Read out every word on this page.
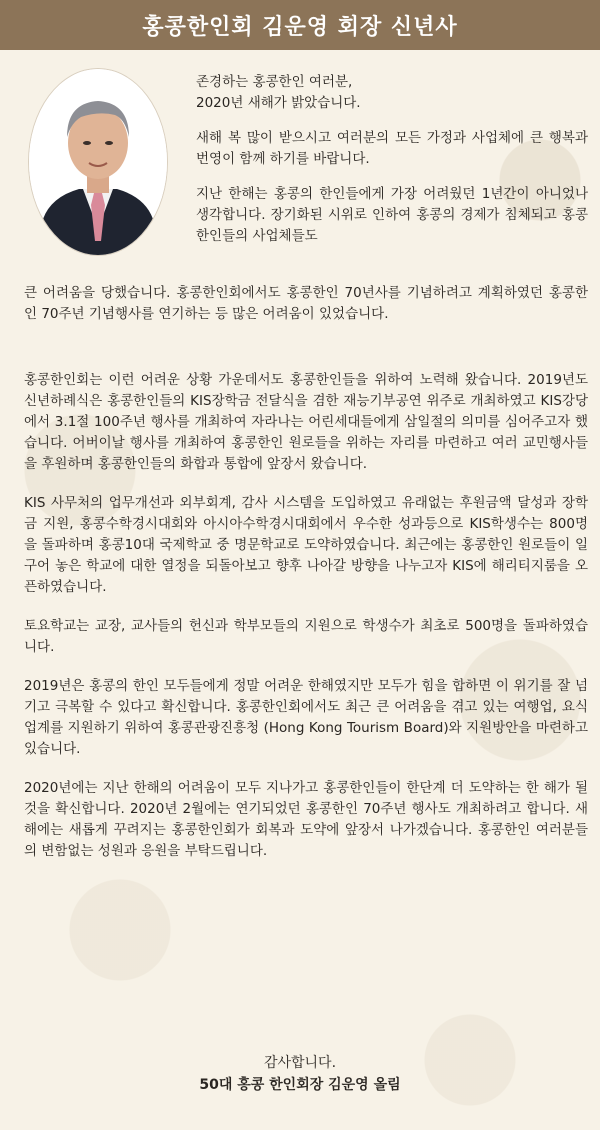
홍콩한인회 김운영 회장 신년사

존경하는 홍콩한인 여러분,
2020년 새해가 밝았습니다.

새해 복 많이 받으시고 여러분의 모든 가정과 사업체에 큰 행복과 번영이 함께 하기를 바랍니다.

지난 한해는 홍콩의 한인들에게 가장 어려웠던 1년간이 아니었나 생각합니다. 장기화된 시위로 인하여 홍콩의 경제가 침체되고 홍콩한인들의 사업체들도

큰 어려움을 당했습니다. 홍콩한인회에서도 홍콩한인 70년사를 기념하려고 계획하였던 홍콩한인 70주년 기념행사를 연기하는 등 많은 어려움이 있었습니다.

홍콩한인회는 이런 어려운 상황 가운데서도 홍콩한인들을 위하여 노력해 왔습니다. 2019년도 신년하례식은 홍콩한인들의 KIS장학금 전달식을 겸한 재능기부공연 위주로 개최하였고 KIS강당에서 3.1절 100주년 행사를 개최하여 자라나는 어린세대들에게 삼일절의 의미를 심어주고자 했습니다. 어버이날 행사를 개최하여 홍콩한인 원로들을 위하는 자리를 마련하고 여러 교민행사들을 후원하며 홍콩한인들의 화합과 통합에 앞장서 왔습니다.

KIS 사무처의 업무개선과 외부회계, 감사 시스템을 도입하였고 유래없는 후원금액 달성과 장학금 지원, 홍콩수학경시대회와 아시아수학경시대회에서 우수한 성과등으로 KIS학생수는 800명을 돌파하며 홍콩10대 국제학교 중 명문학교로 도약하였습니다. 최근에는 홍콩한인 원로들이 일구어 놓은 학교에 대한 열정을 되돌아보고 향후 나아갈 방향을 나누고자 KIS에 해리티지룸을 오픈하였습니다.

토요학교는 교장, 교사들의 헌신과 학부모들의 지원으로 학생수가 최초로 500명을 돌파하였습니다.

2019년은 홍콩의 한인 모두들에게 정말 어려운 한해였지만 모두가 힘을 합하면 이 위기를 잘 넘기고 극복할 수 있다고 확신합니다. 홍콩한인회에서도 최근 큰 어려움을 겪고 있는 여행업, 요식업계를 지원하기 위하여 홍콩관광진흥청 (Hong Kong Tourism Board)와 지원방안을 마련하고 있습니다.

2020년에는 지난 한해의 어려움이 모두 지나가고 홍콩한인들이 한단계 더 도약하는 한 해가 될것을 확신합니다. 2020년 2월에는 연기되었던 홍콩한인 70주년 행사도 개최하려고 합니다. 새해에는 새롭게 꾸려지는 홍콩한인회가 회복과 도약에 앞장서 나가겠습니다. 홍콩한인 여러분들의 변함없는 성원과 응원을 부탁드립니다.

감사합니다.
50대 홍콩 한인회장 김운영 올림
